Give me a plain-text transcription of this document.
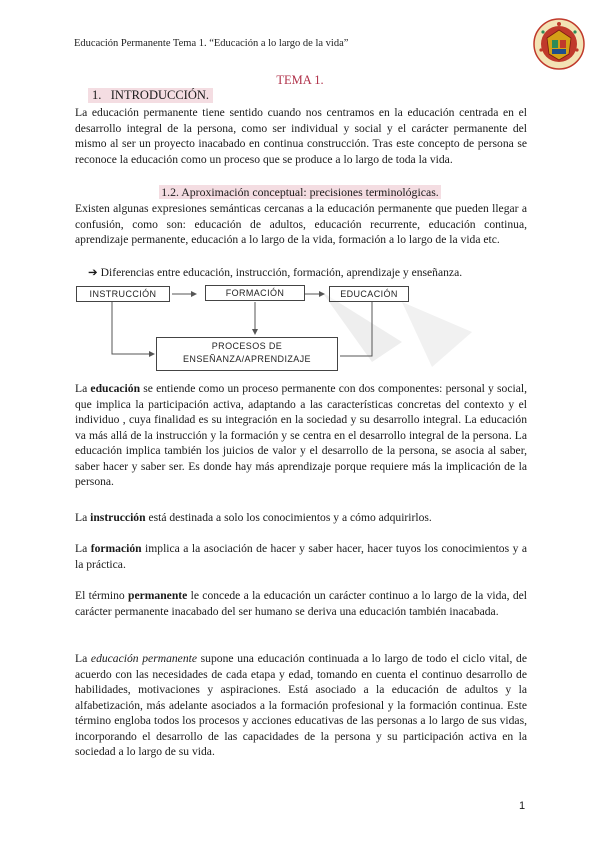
Educación Permanente Tema 1. “Educación a lo largo de la vida”
TEMA 1.
1. INTRODUCCIÓN.
La educación permanente tiene sentido cuando nos centramos en la educación centrada en el desarrollo integral de la persona, como ser individual y social y el carácter permanente del mismo al ser un proyecto inacabado en continua construcción. Tras este concepto de persona se reconoce la educación como un proceso que se produce a lo largo de toda la vida.
1.2. Aproximación conceptual: precisiones terminológicas.
Existen algunas expresiones semánticas cercanas a la educación permanente que pueden llegar a confusión, como son: educación de adultos, educación recurrente, educación continua, aprendizaje permanente, educación a lo largo de la vida, formación a lo largo de la vida etc.
➔ Diferencias entre educación, instrucción, formación, aprendizaje y enseñanza.
INSTRUCCIÓN	FORMACIÓN	EDUCACIÓN
PROCESOS DE
ENSEÑANZA/APRENDIZAJE
La educación se entiende como un proceso permanente con dos componentes: personal y social, que implica la participación activa, adaptando a las características concretas del contexto y el individuo , cuya finalidad es su integración en la sociedad y su desarrollo integral. La educación va más allá de la instrucción y la formación y se centra en el desarrollo integral de la persona. La educación implica también los juicios de valor y el desarrollo de la persona, se asocia al saber, saber hacer y saber ser. Es donde hay más aprendizaje porque requiere más la implicación de la persona.
La instrucción está destinada a solo los conocimientos y a cómo adquirirlos.
La formación implica a la asociación de hacer y saber hacer, hacer tuyos los conocimientos y a la práctica.
El término permanente le concede a la educación un carácter continuo a lo largo de la vida, del carácter permanente inacabado del ser humano se deriva una educación también inacabada.
La educación permanente supone una educación continuada a lo largo de todo el ciclo vital, de acuerdo con las necesidades de cada etapa y edad, tomando en cuenta el continuo desarrollo de habilidades, motivaciones y aspiraciones. Está asociado a la educación de adultos y la alfabetización, más adelante asociados a la formación profesional y la formación continua. Este término engloba todos los procesos y acciones educativas de las personas a lo largo de sus vidas, incorporando el desarrollo de las capacidades de la persona y su participación activa en la sociedad a lo largo de su vida.
1
